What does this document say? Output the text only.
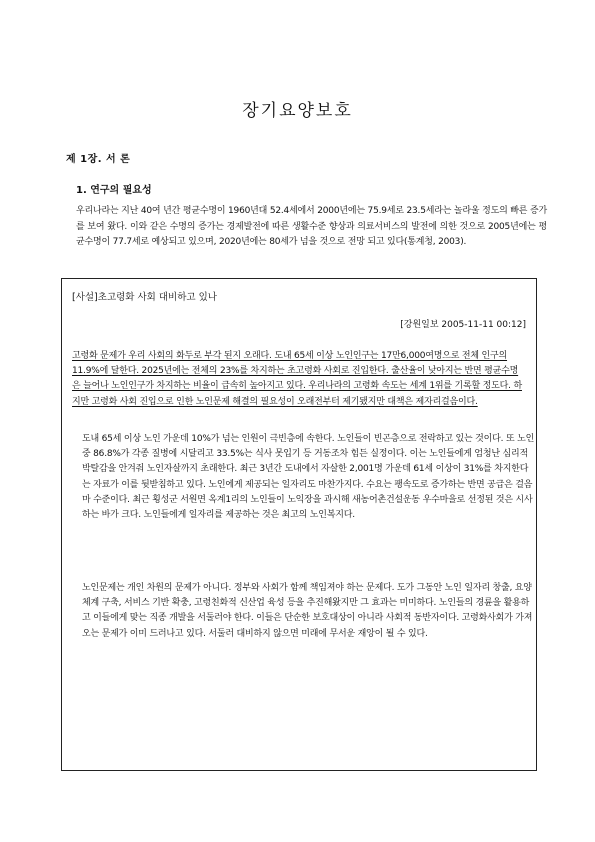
장기요양보호
제 1장. 서 론
1. 연구의 필요성

우리나라는 지난 40여 년간 평균수명이 1960년대 52.4세에서 2000년에는 75.9세로 23.5세라는 놀라울 정도의 빠른 증가를 보여 왔다. 이와 같은 수명의 증가는 경제발전에 따른 생활수준 향상과 의료서비스의 발전에 의한 것으로 2005년에는 평균수명이 77.7세로 예상되고 있으며, 2020년에는 80세가 넘을 것으로 전망 되고 있다(통계청, 2003).

[사설]초고령화 사회 대비하고 있나
[강원일보 2005-11-11 00:12]

고령화 문제가 우리 사회의 화두로 부각 된지 오래다. 도내 65세 이상 노인인구는 17만6,000여명으로 전체 인구의 11.9%에 달한다. 2025년에는 전체의 23%를 차지하는 초고령화 사회로 진입한다. 출산율이 낮아지는 반면 평균수명은 늘어나 노인인구가 차지하는 비율이 급속히 높아지고 있다. 우리나라의 고령화 속도는 세계 1위를 기록할 정도다. 하지만 고령화 사회 진입으로 인한 노인문제 해결의 필요성이 오래전부터 제기됐지만 대책은 제자리걸음이다.

도내 65세 이상 노인 가운데 10%가 넘는 인원이 극빈층에 속한다. 노인들이 빈곤층으로 전락하고 있는 것이다. 또 노인 중 86.8%가 각종 질병에 시달리고 33.5%는 식사 못입기 등 거동조차 힘든 실정이다. 이는 노인들에게 엄청난 심리적 박탈감을 안겨줘 노인자살까지 초래한다. 최근 3년간 도내에서 자살한 2,001명 가운데 61세 이상이 31%를 차지한다는 자료가 이를 뒷받침하고 있다. 노인에게 제공되는 일자리도 마찬가지다. 수요는 팽속도로 증가하는 반면 공급은 걸음마 수준이다. 최근 횡성군 서원면 옥계1리의 노인들이 노익장을 과시해 새농어촌건설운동 우수마을로 선정된 것은 시사하는 바가 크다. 노인들에게 일자리를 제공하는 것은 최고의 노인복지다.

노인문제는 개인 차원의 문제가 아니다. 정부와 사회가 함께 책임져야 하는 문제다. 도가 그동안 노인 일자리 창출, 요양체계 구축, 서비스 기반 확충, 고령친화적 신산업 육성 등을 추진해왔지만 그 효과는 미미하다. 노인들의 경륜을 활용하고 이들에게 맞는 직종 개발을 서둘러야 한다. 이들은 단순한 보호대상이 아니라 사회적 동반자이다. 고령화사회가 가져오는 문제가 이미 드러나고 있다. 서둘러 대비하지 않으면 미래에 무서운 재앙이 될 수 있다.
